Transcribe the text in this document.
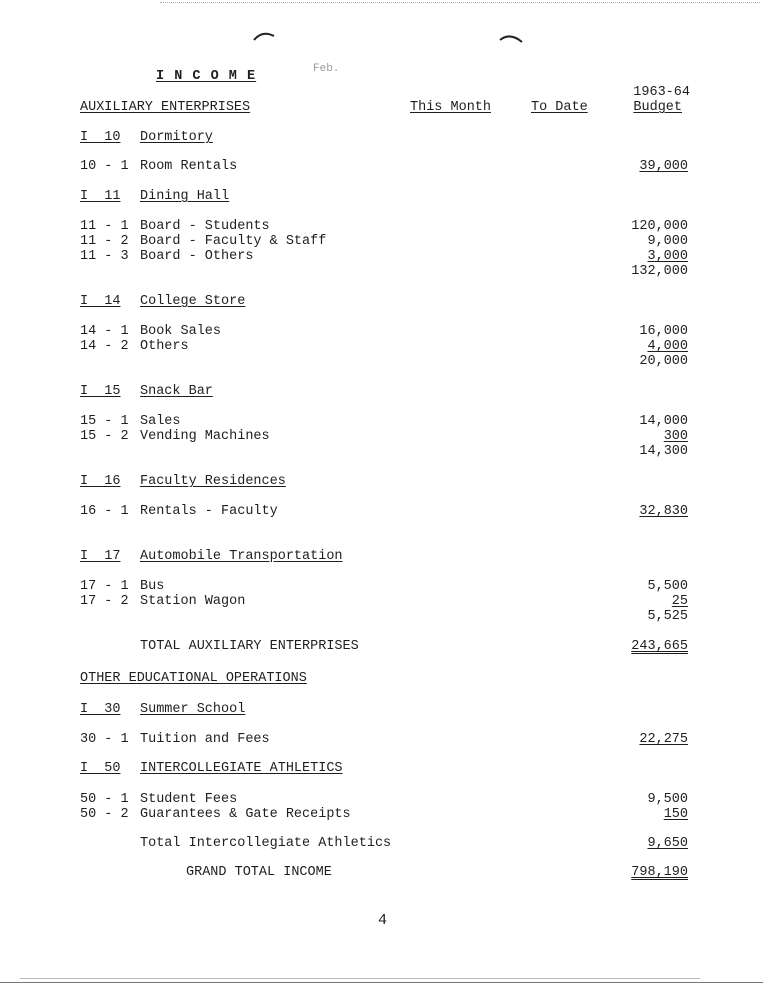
I N C O M E	Feb.
1963-64
AUXILIARY ENTERPRISES	This Month	To Date	Budget
I  10 Dormitory
10 - 1 Room Rentals	39,000
I  11 Dining Hall
11 - 1 Board - Students	120,000
11 - 2 Board - Faculty & Staff	9,000
11 - 3 Board - Others	3,000
132,000
I  14 College Store
14 - 1 Book Sales	16,000
14 - 2 Others	4,000
20,000
I  15 Snack Bar
15 - 1 Sales	14,000
15 - 2 Vending Machines	300
14,300
I  16 Faculty Residences
16 - 1 Rentals - Faculty	32,830
I  17 Automobile Transportation
17 - 1 Bus	5,500
17 - 2 Station Wagon	25
5,525
TOTAL AUXILIARY ENTERPRISES	243,665
OTHER EDUCATIONAL OPERATIONS
I  30 Summer School
30 - 1 Tuition and Fees	22,275
I  50 INTERCOLLEGIATE ATHLETICS
50 - 1 Student Fees	9,500
50 - 2 Guarantees & Gate Receipts	150
Total Intercollegiate Athletics	9,650
GRAND TOTAL INCOME	798,190
4
